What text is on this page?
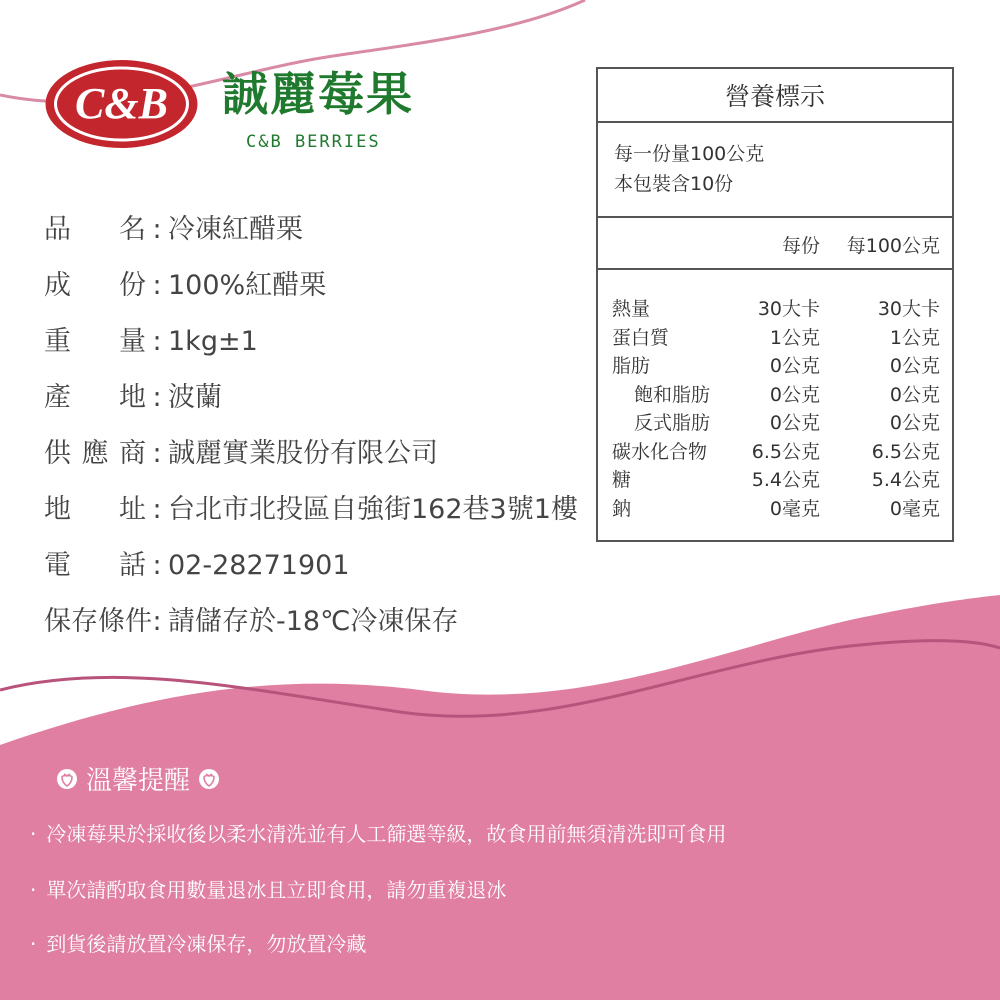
C&B 誠麗莓果
C&B BERRIES
品 名 : 冷凍紅醋栗
成 份 : 100%紅醋栗
重 量 : 1kg±1
產 地 : 波蘭
供 應 商 : 誠麗實業股份有限公司
地 址 : 台北市北投區自強街162巷3號1樓
電 話 : 02-28271901
保存條件 : 請儲存於-18℃冷凍保存
營養標示
每一份量100公克
本包裝含10份
每份 每100公克
熱量	30大卡	30大卡
蛋白質	1公克	1公克
脂肪	0公克	0公克
飽和脂肪	0公克	0公克
反式脂肪	0公克	0公克
碳水化合物 6.5公克	6.5公克
糖	5.4公克	5.4公克
鈉	0毫克	0毫克
溫馨提醒
· 冷凍莓果於採收後以柔水清洗並有人工篩選等級，故食用前無須清洗即可食用
· 單次請酌取食用數量退冰且立即食用，請勿重複退冰
· 到貨後請放置冷凍保存，勿放置冷藏
